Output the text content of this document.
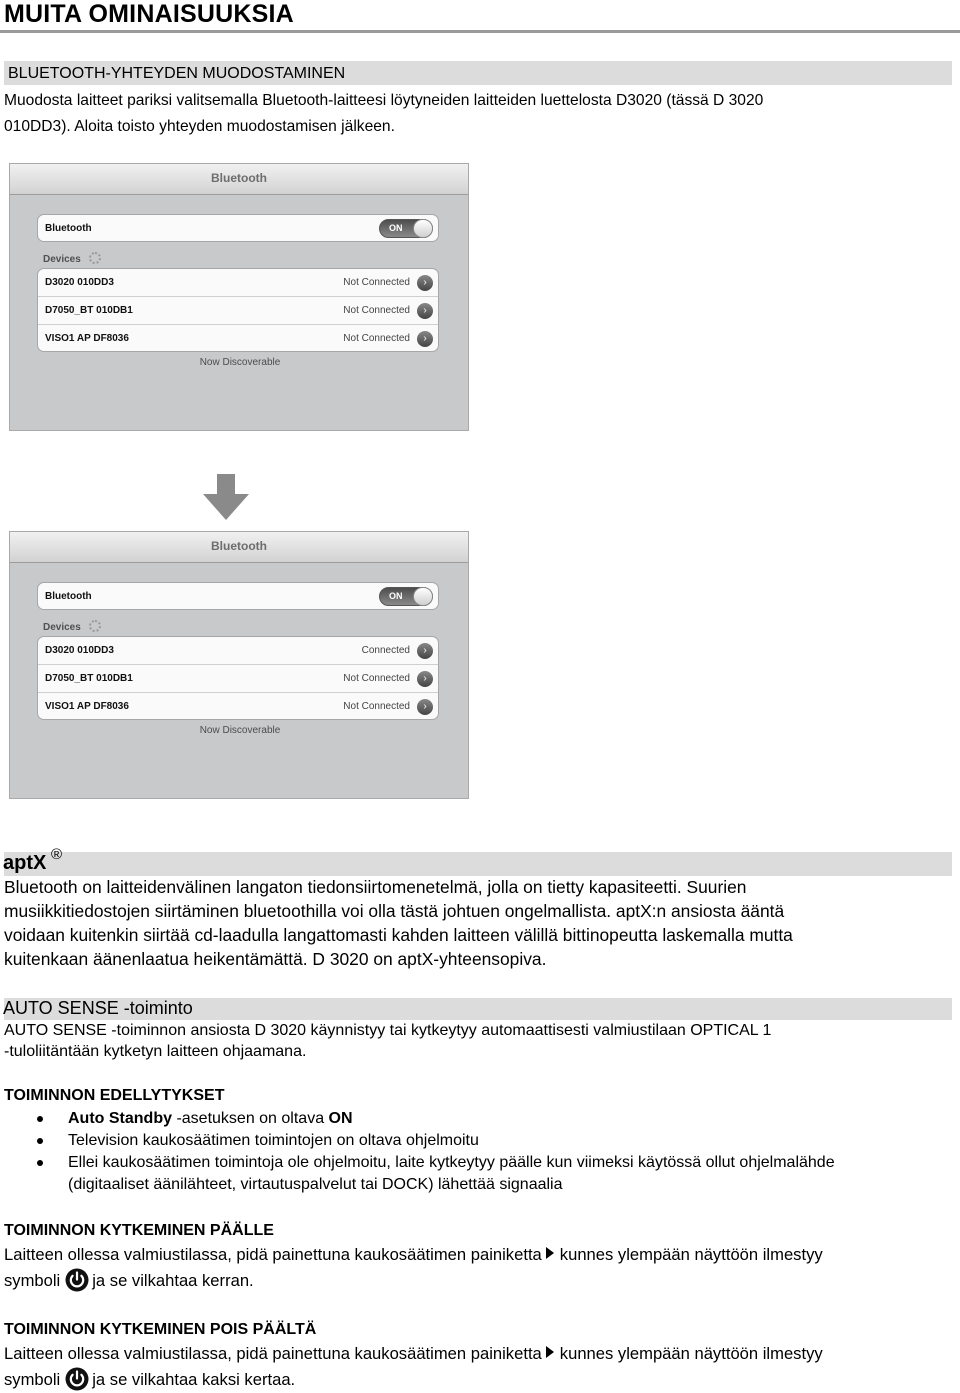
MUITA OMINAISUUKSIA
BLUETOOTH-YHTEYDEN MUODOSTAMINEN
Muodosta laitteet pariksi valitsemalla Bluetooth-laitteesi löytyneiden laitteiden luettelosta D3020 (tässä D 3020
010DD3). Aloita toisto yhteyden muodostamisen jälkeen.
Bluetooth
Bluetooth	ON
Devices
D3020 010DD3	Not Connected	›
D7050_BT 010DB1	Not Connected	›
VISO1 AP DF8036	Not Connected	›
Now Discoverable
Bluetooth
Bluetooth	ON
Devices
D3020 010DD3	Connected	›
D7050_BT 010DB1	Not Connected	›
VISO1 AP DF8036	Not Connected	›
Now Discoverable
aptX ®
Bluetooth on laitteidenvälinen langaton tiedonsiirtomenetelmä, jolla on tietty kapasiteetti. Suurien
musiikkitiedostojen siirtäminen bluetoothilla voi olla tästä johtuen ongelmallista. aptX:n ansiosta ääntä
voidaan kuitenkin siirtää cd-laadulla langattomasti kahden laitteen välillä bittinopeutta laskemalla mutta
kuitenkaan äänenlaatua heikentämättä. D 3020 on aptX-yhteensopiva.
AUTO SENSE -toiminto
AUTO SENSE -toiminnon ansiosta D 3020 käynnistyy tai kytkeytyy automaattisesti valmiustilaan OPTICAL 1
-tuloliitäntään kytketyn laitteen ohjaamana.
TOIMINNON EDELLYTYKSET
Auto Standby -asetuksen on oltava ON
Television kaukosäätimen toimintojen on oltava ohjelmoitu
Ellei kaukosäätimen toimintoja ole ohjelmoitu, laite kytkeytyy päälle kun viimeksi käytössä ollut ohjelmalähde
(digitaaliset äänilähteet, virtautuspalvelut tai DOCK) lähettää signaalia
TOIMINNON KYTKEMINEN PÄÄLLE
Laitteen ollessa valmiustilassa, pidä painettuna kaukosäätimen painiketta kunnes ylempään näyttöön ilmestyy
symboli ja se vilkahtaa kerran.
TOIMINNON KYTKEMINEN POIS PÄÄLTÄ
Laitteen ollessa valmiustilassa, pidä painettuna kaukosäätimen painiketta kunnes ylempään näyttöön ilmestyy
symboli ja se vilkahtaa kaksi kertaa.
